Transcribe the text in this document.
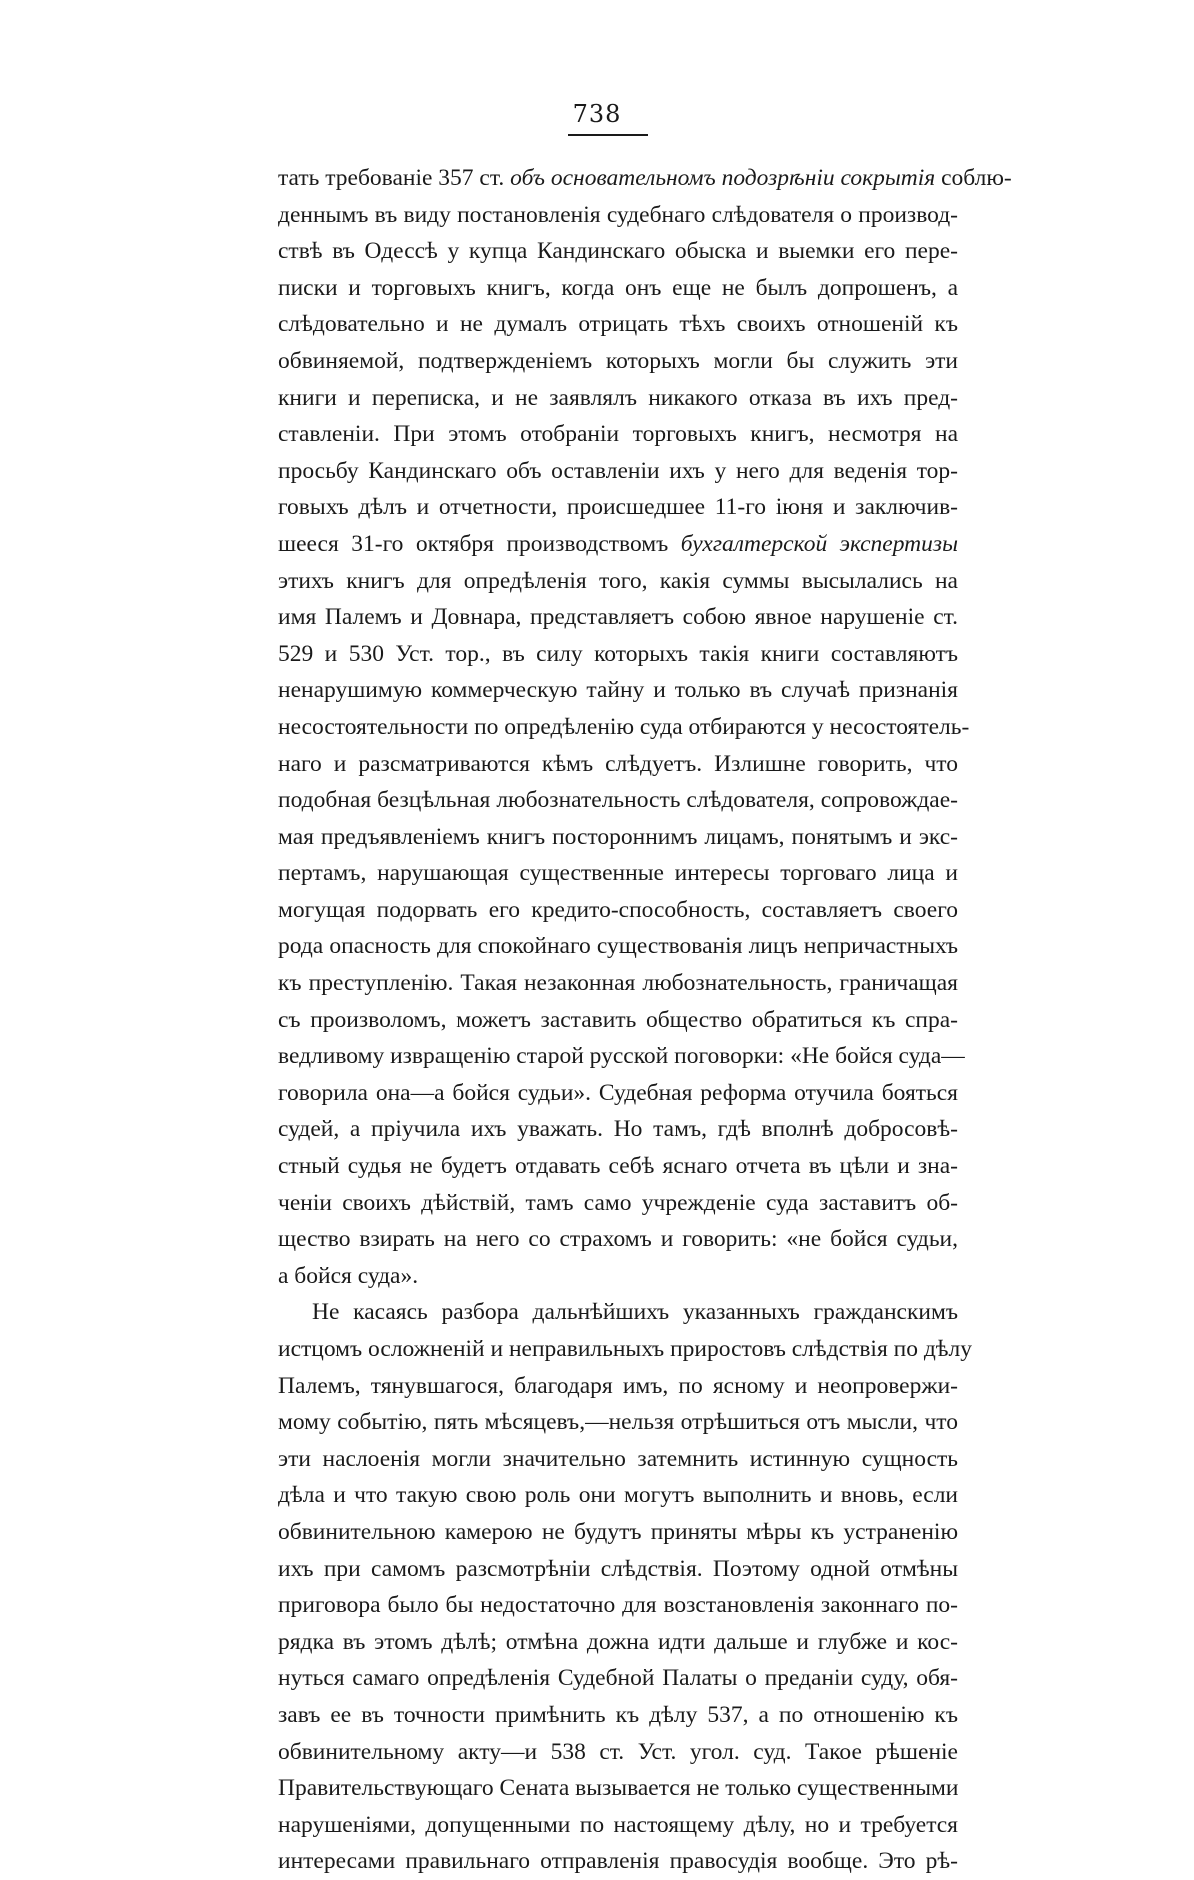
738
тать требованіе 357 ст. объ основательномъ подозрѣніи сокрытія соблю-
деннымъ въ виду постановленія судебнаго слѣдователя о производ-
ствѣ въ Одессѣ у купца Кандинскаго обыска и выемки его пере-
писки и торговыхъ книгъ, когда онъ еще не былъ допрошенъ, а
слѣдовательно и не думалъ отрицать тѣхъ своихъ отношеній къ
обвиняемой, подтвержденіемъ которыхъ могли бы служить эти
книги и переписка, и не заявлялъ никакого отказа въ ихъ пред-
ставленіи. При этомъ отобраніи торговыхъ книгъ, несмотря на
просьбу Кандинскаго объ оставленіи ихъ у него для веденія тор-
говыхъ дѣлъ и отчетности, происшедшее 11-го іюня и заключив-
шееся 31-го октября производствомъ бухгалтерской экспертизы
этихъ книгъ для опредѣленія того, какія суммы высылались на
имя Палемъ и Довнара, представляетъ собою явное нарушеніе ст.
529 и 530 Уст. тор., въ силу которыхъ такія книги составляютъ
ненарушимую коммерческую тайну и только въ случаѣ признанія
несостоятельности по опредѣленію суда отбираются у несостоятель-
наго и разсматриваются кѣмъ слѣдуетъ. Излишне говорить, что
подобная безцѣльная любознательность слѣдователя, сопровождае-
мая предъявленіемъ книгъ постороннимъ лицамъ, понятымъ и экс-
пертамъ, нарушающая существенные интересы торговаго лица и
могущая подорвать его кредито-способность, составляетъ своего
рода опасность для спокойнаго существованія лицъ непричастныхъ
къ преступленію. Такая незаконная любознательность, граничащая
съ произволомъ, можетъ заставить общество обратиться къ спра-
ведливому извращенію старой русской поговорки: «Не бойся суда—
говорила она—а бойся судьи». Судебная реформа отучила бояться
судей, а пріучила ихъ уважать. Но тамъ, гдѣ вполнѣ добросовѣ-
стный судья не будетъ отдавать себѣ яснаго отчета въ цѣли и зна-
ченіи своихъ дѣйствій, тамъ само учрежденіе суда заставитъ об-
щество взирать на него со страхомъ и говорить: «не бойся судьи,
а бойся суда».
Не касаясь разбора дальнѣйшихъ указанныхъ гражданскимъ
истцомъ осложненій и неправильныхъ приростовъ слѣдствія по дѣлу
Палемъ, тянувшагося, благодаря имъ, по ясному и неопровержи-
мому событію, пять мѣсяцевъ,—нельзя отрѣшиться отъ мысли, что
эти наслоенія могли значительно затемнить истинную сущность
дѣла и что такую свою роль они могутъ выполнить и вновь, если
обвинительною камерою не будутъ приняты мѣры къ устраненію
ихъ при самомъ разсмотрѣніи слѣдствія. Поэтому одной отмѣны
приговора было бы недостаточно для возстановленія законнаго по-
рядка въ этомъ дѣлѣ; отмѣна дожна идти дальше и глубже и кос-
нуться самаго опредѣленія Судебной Палаты о преданіи суду, обя-
завъ ее въ точности примѣнить къ дѣлу 537, а по отношенію къ
обвинительному акту—и 538 ст. Уст. угол. суд. Такое рѣшеніе
Правительствующаго Сената вызывается не только существенными
нарушеніями, допущенными по настоящему дѣлу, но и требуется
интересами правильнаго отправленія правосудія вообще. Это рѣ-
